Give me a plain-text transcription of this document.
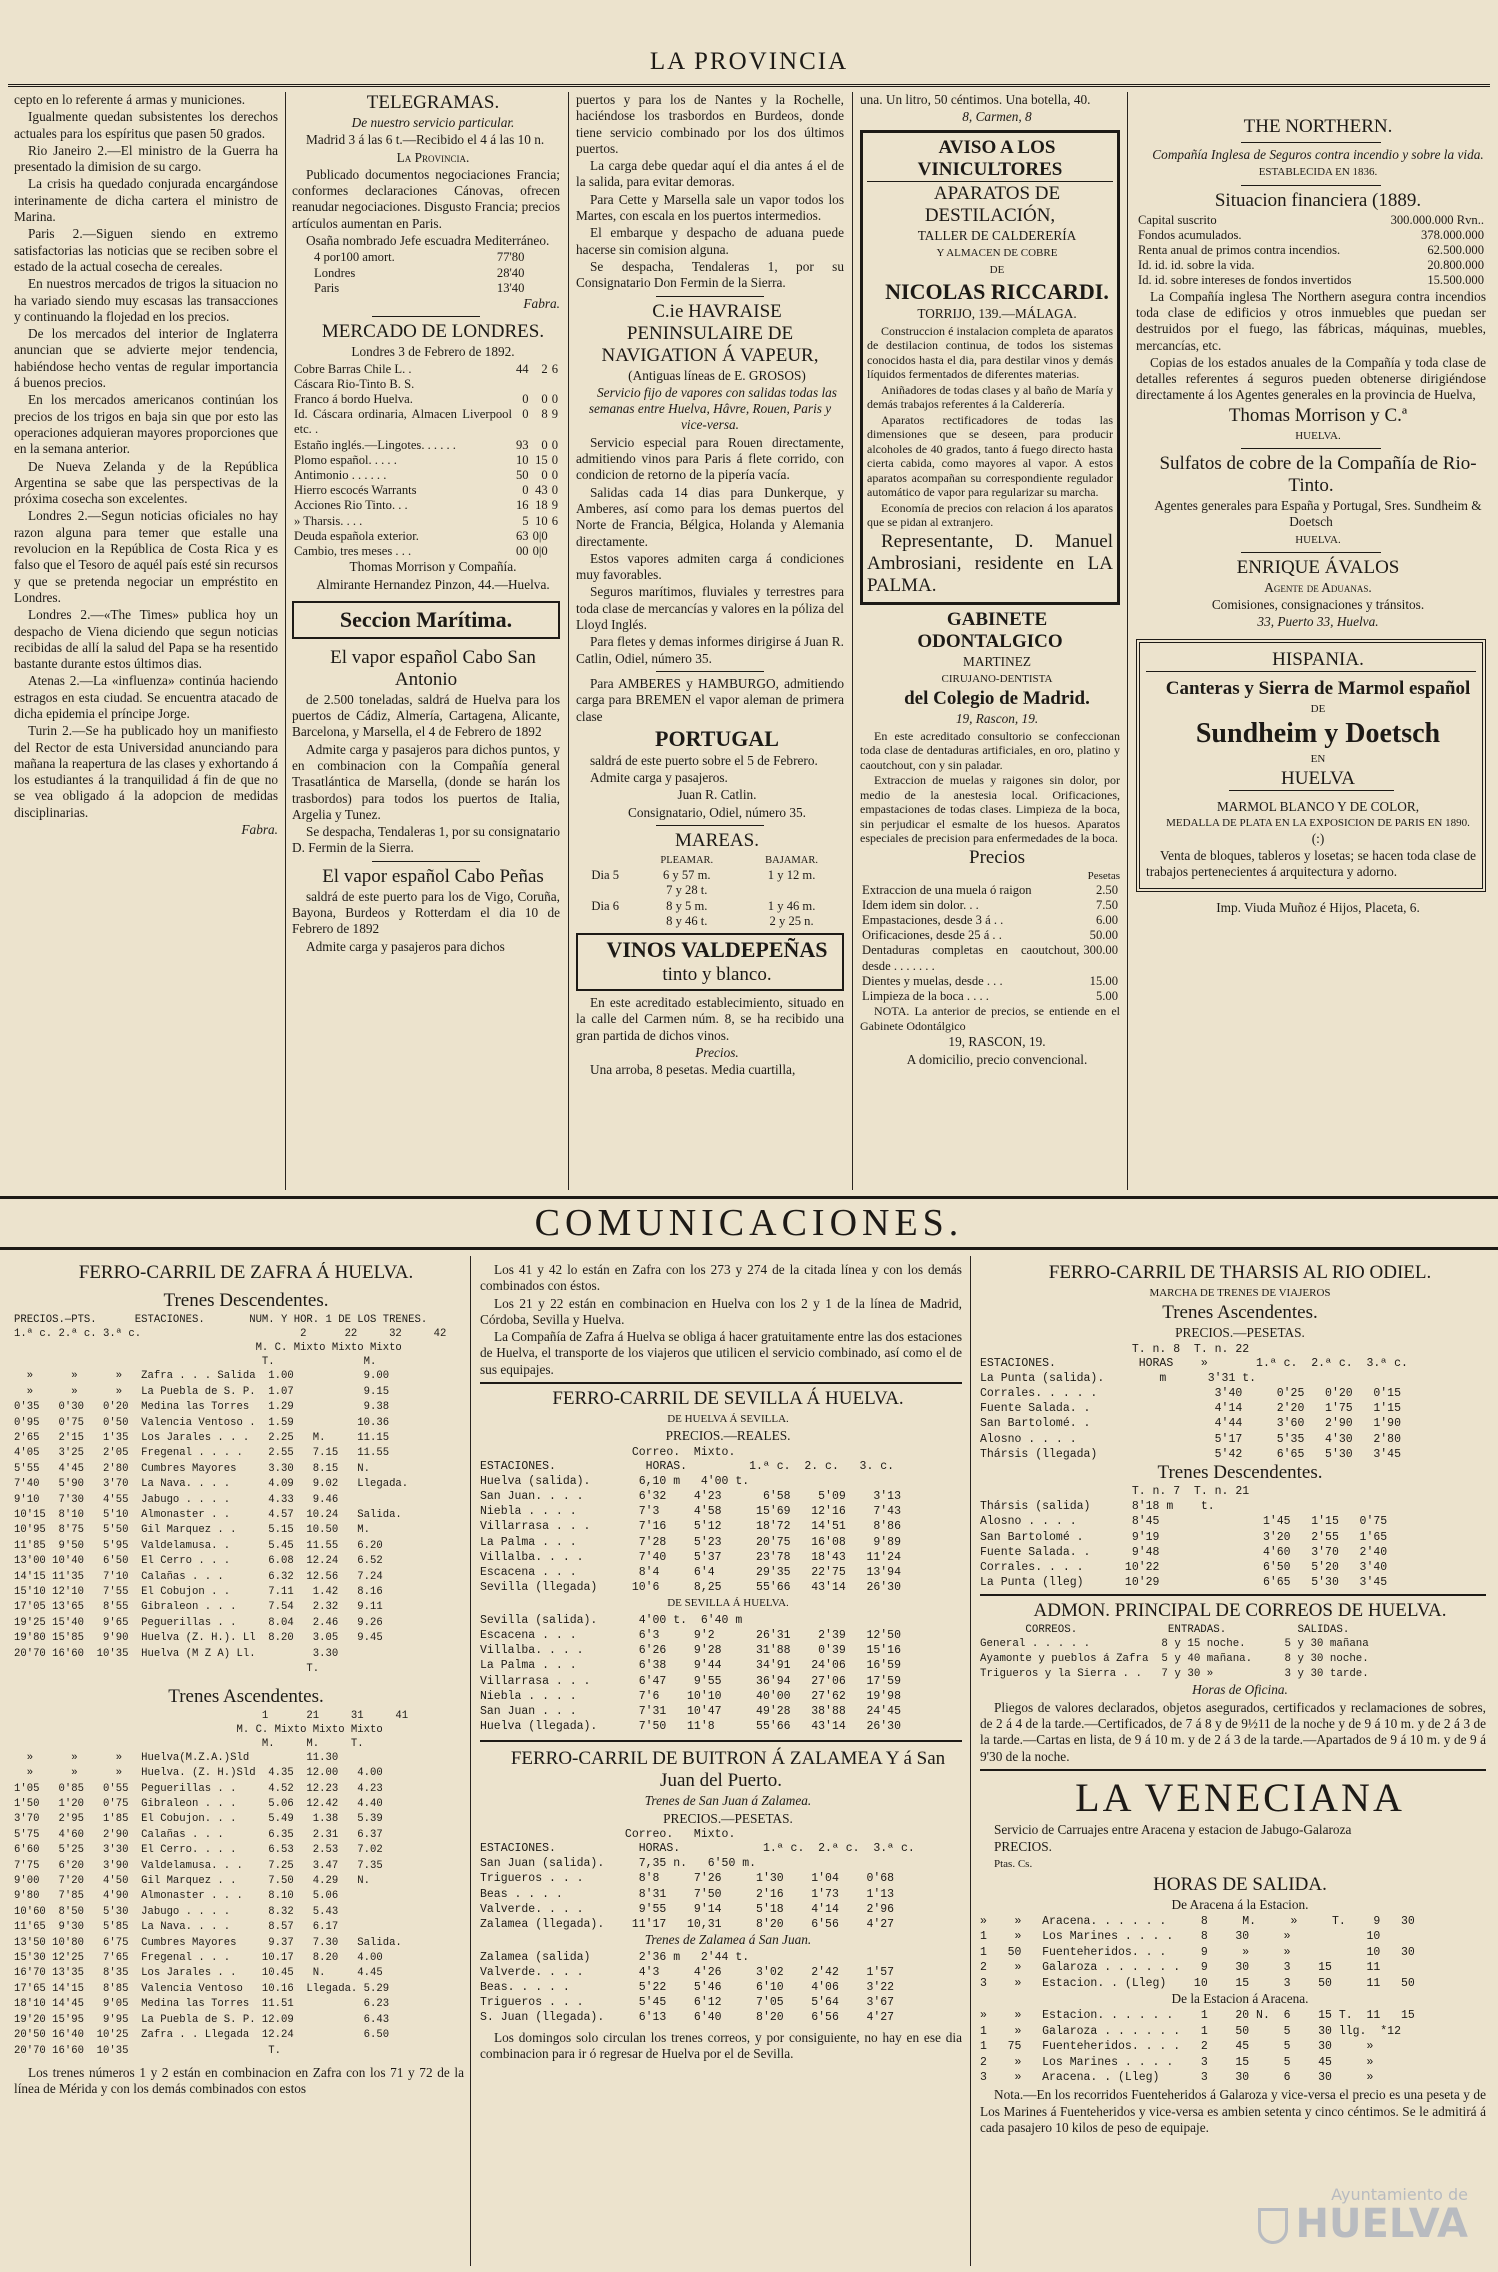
LA PROVINCIA

cepto en lo referente á armas y municiones.

Igualmente quedan subsistentes los derechos actuales para los espíritus que pasen 50 grados.

Rio Janeiro 2.—El ministro de la Guerra ha presentado la dimision de su cargo.

La crisis ha quedado conjurada encargándose interinamente de dicha cartera el ministro de Marina.

Paris 2.—Siguen siendo en extremo satisfactorias las noticias que se reciben sobre el estado de la actual cosecha de cereales.

En nuestros mercados de trigos la situacion no ha variado siendo muy escasas las transacciones y continuando la flojedad en los precios.

De los mercados del interior de Inglaterra anuncian que se advierte mejor tendencia, habiéndose hecho ventas de regular importancia á buenos precios.

En los mercados americanos continúan los precios de los trigos en baja sin que por esto las operaciones adquieran mayores proporciones que en la semana anterior.

De Nueva Zelanda y de la República Argentina se sabe que las perspectivas de la próxima cosecha son excelentes.

Londres 2.—Segun noticias oficiales no hay razon alguna para temer que estalle una revolucion en la República de Costa Rica y es falso que el Tesoro de aquél país esté sin recursos y que se pretenda negociar un empréstito en Londres.

Londres 2.—«The Times» publica hoy un despacho de Viena diciendo que segun noticias recibidas de allí la salud del Papa se ha resentido bastante durante estos últimos dias.

Atenas 2.—La «influenza» continúa haciendo estragos en esta ciudad. Se encuentra atacado de dicha epidemia el príncipe Jorge.

Turin 2.—Se ha publicado hoy un manifiesto del Rector de esta Universidad anunciando para mañana la reapertura de las clases y exhortando á los estudiantes á la tranquilidad á fin de que no se vea obligado á la adopcion de medidas disciplinarias.

Fabra.

TELEGRAMAS.

De nuestro servicio particular.

Madrid 3 á las 6 t.—Recibido el 4 á las 10 n.

La Provincia.

Publicado documentos negociaciones Francia; conformes declaraciones Cánovas, ofrecen reanudar negociaciones. Disgusto Francia; precios artículos aumentan en Paris.

Osaña nombrado Jefe escuadra Mediterráneo.

4 por100 amort.	77'80
Londres	28'40
Paris	13'40

Fabra.

MERCADO DE LONDRES.

Londres 3 de Febrero de 1892.

Cobre Barras Chile L. .	44	2	6
Cáscara Rio-Tinto B. S.			
Franco á bordo Huelva.	0	0	0
Id. Cáscara ordinaria, Almacen Liverpool etc. .	0	8	9
Estaño inglés.—Lingotes. . . . . .	93	0	0
Plomo español. . . . .	10	15	0
Antimonio . . . . . .	50	0	0
Hierro escocés Warrants	0	43	0
Acciones Rio Tinto. . .	16	18	9
» Tharsis. . . .	5	10	6
Deuda española exterior.	63	0|0	
Cambio, tres meses . . .	00	0|0	

Thomas Morrison y Compañía.

Almirante Hernandez Pinzon, 44.—Huelva.

Seccion Marítima.

El vapor español Cabo San Antonio

de 2.500 toneladas, saldrá de Huelva para los puertos de Cádiz, Almería, Cartagena, Alicante, Barcelona, y Marsella, el 4 de Febrero de 1892

Admite carga y pasajeros para dichos puntos, y en combinacion con la Compañía general Trasatlántica de Marsella, (donde se harán los trasbordos) para todos los puertos de Italia, Argelia y Tunez.

Se despacha, Tendaleras 1, por su consignatario D. Fermin de la Sierra.

El vapor español Cabo Peñas

saldrá de este puerto para los de Vigo, Coruña, Bayona, Burdeos y Rotterdam el dia 10 de Febrero de 1892

Admite carga y pasajeros para dichos

puertos y para los de Nantes y la Rochelle, haciéndose los trasbordos en Burdeos, donde tiene servicio combinado por los dos últimos puertos.

La carga debe quedar aquí el dia antes á el de la salida, para evitar demoras.

Para Cette y Marsella sale un vapor todos los Martes, con escala en los puertos intermedios.

El embarque y despacho de aduana puede hacerse sin comision alguna.

Se despacha, Tendaleras 1, por su Consignatario Don Fermin de la Sierra.

C.ie HAVRAISE PENINSULAIRE DE NAVIGATION Á VAPEUR,

(Antiguas líneas de E. GROSOS)

Servicio fijo de vapores con salidas todas las semanas entre Huelva, Hâvre, Rouen, Paris y vice-versa.

Servicio especial para Rouen directamente, admitiendo vinos para Paris á flete corrido, con condicion de retorno de la pipería vacía.

Salidas cada 14 dias para Dunkerque, y Amberes, así como para los demas puertos del Norte de Francia, Bélgica, Holanda y Alemania directamente.

Estos vapores admiten carga á condiciones muy favorables.

Seguros marítimos, fluviales y terrestres para toda clase de mercancías y valores en la póliza del Lloyd Inglés.

Para fletes y demas informes dirigirse á Juan R. Catlin, Odiel, número 35.

Para AMBERES y HAMBURGO, admitiendo carga para BREMEN el vapor aleman de primera clase

PORTUGAL

saldrá de este puerto sobre el 5 de Febrero.

Admite carga y pasajeros.

Juan R. Catlin.

Consignatario, Odiel, número 35.

MAREAS.

	PLEAMAR.	BAJAMAR.
Dia 5	6 y 57 m.	1 y 12 m.
	7 y 28 t.	
Dia 6	8 y 5 m.	1 y 46 m.
	8 y 46 t.	2 y 25 n.

VINOS VALDEPEÑAS

tinto y blanco.

En este acreditado establecimiento, situado en la calle del Carmen núm. 8, se ha recibido una gran partida de dichos vinos.

Precios.

Una arroba, 8 pesetas. Media cuartilla,

una. Un litro, 50 céntimos. Una botella, 40.

8, Carmen, 8

AVISO A LOS VINICULTORES

APARATOS DE DESTILACIÓN,

TALLER DE CALDERERÍA

Y ALMACEN DE COBRE

DE

NICOLAS RICCARDI.

TORRIJO, 139.—MÁLAGA.

Construccion é instalacion completa de aparatos de destilacion continua, de todos los sistemas conocidos hasta el dia, para destilar vinos y demás líquidos fermentados de diferentes materias.

Aniñadores de todas clases y al baño de María y demás trabajos referentes á la Calderería.

Aparatos rectificadores de todas las dimensiones que se deseen, para producir alcoholes de 40 grados, tanto á fuego directo hasta cierta cabida, como mayores al vapor. A estos aparatos acompañan su correspondiente regulador automático de vapor para regularizar su marcha.

Economía de precios con relacion á los aparatos que se pidan al extranjero.

Representante, D. Manuel Ambrosiani, residente en LA PALMA.

GABINETE ODONTALGICO

MARTINEZ

CIRUJANO-DENTISTA

del Colegio de Madrid.

19, Rascon, 19.

En este acreditado consultorio se confeccionan toda clase de dentaduras artificiales, en oro, platino y caoutchout, con y sin paladar.

Extraccion de muelas y raigones sin dolor, por medio de la anestesia local. Orificaciones, empastaciones de todas clases. Limpieza de la boca, sin perjudicar el esmalte de los huesos. Aparatos especiales de precision para enfermedades de la boca.

Precios

Pesetas

Extraccion de una muela ó raigon	2.50
Idem idem sin dolor. . .	7.50
Empastaciones, desde 3 á . .	6.00
Orificaciones, desde 25 á . .	50.00
Dentaduras completas en caoutchout, desde . . . . . . .	300.00
Dientes y muelas, desde . . .	15.00
Limpieza de la boca . . . .	5.00

NOTA. La anterior de precios, se entiende en el Gabinete Odontálgico

19, RASCON, 19.

A domicilio, precio convencional.

THE NORTHERN.

Compañía Inglesa de Seguros contra incendio y sobre la vida.

ESTABLECIDA EN 1836.

Situacion financiera (1889.

Capital suscrito	300.000.000 Rvn..
Fondos acumulados.	378.000.000
Renta anual de primos contra incendios.	62.500.000
Id. id. id. sobre la vida.	20.800.000
Id. id. sobre intereses de fondos invertidos	15.500.000

La Compañía inglesa The Northern asegura contra incendios toda clase de edificios y otros inmuebles que puedan ser destruidos por el fuego, las fábricas, máquinas, muebles, mercancías, etc.

Copias de los estados anuales de la Compañía y toda clase de detalles referentes á seguros pueden obtenerse dirigiéndose directamente á los Agentes generales en la provincia de Huelva,

Thomas Morrison y C.ª

HUELVA.

Sulfatos de cobre de la Compañía de Rio-Tinto.

Agentes generales para España y Portugal, Sres. Sundheim & Doetsch

HUELVA.

ENRIQUE ÁVALOS

Agente de Aduanas.

Comisiones, consignaciones y tránsitos.

33, Puerto 33, Huelva.

HISPANIA.

Canteras y Sierra de Marmol español

DE

Sundheim y Doetsch

EN

HUELVA

MARMOL BLANCO Y DE COLOR,

MEDALLA DE PLATA EN LA EXPOSICION DE PARIS EN 1890.

(:)

Venta de bloques, tableros y losetas; se hacen toda clase de trabajos pertenecientes á arquitectura y adorno.

Imp. Viuda Muñoz é Hijos, Placeta, 6.

COMUNICACIONES.

FERRO-CARRIL DE ZAFRA Á HUELVA.

Trenes Descendentes.

PRECIOS.—PTS.      ESTACIONES.       NUM. Y HOR. 1 DE LOS TRENES.
1.ª c. 2.ª c. 3.ª c.                         2      22     32     42
M. C. Mixto Mixto Mixto
T.              M.
»      »      »   Zafra . . . Salida  1.00           9.00
»      »      »   La Puebla de S. P.  1.07           9.15
0'35   0'30   0'20  Medina las Torres   1.29           9.38
0'95   0'75   0'50  Valencia Ventoso .  1.59          10.36
2'65   2'15   1'35  Los Jarales . . .   2.25   M.     11.15
4'05   3'25   2'05  Fregenal . . . .    2.55   7.15   11.55
5'55   4'45   2'80  Cumbres Mayores     3.30   8.15   N.
7'40   5'90   3'70  La Nava. . . .      4.09   9.02   Llegada.
9'10   7'30   4'55  Jabugo . . . .      4.33   9.46
10'15  8'10   5'10  Almonaster . .      4.57  10.24   Salida.
10'95  8'75   5'50  Gil Marquez . .     5.15  10.50   M.
11'85  9'50   5'95  Valdelamusa. .      5.45  11.55   6.20
13'00 10'40   6'50  El Cerro . . .      6.08  12.24   6.52
14'15 11'35   7'10  Calañas . . .       6.32  12.56   7.24
15'10 12'10   7'55  El Cobujon . .      7.11   1.42   8.16
17'05 13'65   8'55  Gibraleon . . .     7.54   2.32   9.11
19'25 15'40   9'65  Peguerillas . .     8.04   2.46   9.26
19'80 15'85   9'90  Huelva (Z. H.). Ll  8.20   3.05   9.45
20'70 16'60  10'35  Huelva (M Z A) Ll.         3.30
T.

Trenes Ascendentes.

1      21     31     41
M. C. Mixto Mixto Mixto
M.     M.     T.
»      »      »   Huelva(M.Z.A.)Sld         11.30
»      »      »   Huelva. (Z. H.)Sld  4.35  12.00   4.00
1'05   0'85   0'55  Peguerillas . .     4.52  12.23   4.23
1'50   1'20   0'75  Gibraleon . . .     5.06  12.42   4.40
3'70   2'95   1'85  El Cobujon. . .     5.49   1.38   5.39
5'75   4'60   2'90  Calañas . . .       6.35   2.31   6.37
6'60   5'25   3'30  El Cerro. . . .     6.53   2.53   7.02
7'75   6'20   3'90  Valdelamusa. . .    7.25   3.47   7.35
9'00   7'20   4'50  Gil Marquez . .     7.50   4.29   N.
9'80   7'85   4'90  Almonaster . . .    8.10   5.06
10'60  8'50   5'30  Jabugo . . . .      8.32   5.43
11'65  9'30   5'85  La Nava. . . .      8.57   6.17
13'50 10'80   6'75  Cumbres Mayores     9.37   7.30   Salida.
15'30 12'25   7'65  Fregenal . . .     10.17   8.20   4.00
16'70 13'35   8'35  Los Jarales . .    10.45   N.     4.45
17'65 14'15   8'85  Valencia Ventoso   10.16  Llegada. 5.29
18'10 14'45   9'05  Medina las Torres  11.51           6.23
19'20 15'95   9'95  La Puebla de S. P. 12.09           6.43
20'50 16'40  10'25  Zafra . . Llegada  12.24           6.50
20'70 16'60  10'35                      T.

Los trenes números 1 y 2 están en combinacion en Zafra con los 71 y 72 de la línea de Mérida y con los demás combinados con estos

Los 41 y 42 lo están en Zafra con los 273 y 274 de la citada línea y con los demás combinados con éstos.

Los 21 y 22 están en combinacion en Huelva con los 2 y 1 de la línea de Madrid, Córdoba, Sevilla y Huelva.

La Compañía de Zafra á Huelva se obliga á hacer gratuitamente entre las dos estaciones de Huelva, el transporte de los viajeros que utilicen el servicio combinado, así como el de sus equipajes.

FERRO-CARRIL DE SEVILLA Á HUELVA.

DE HUELVA Á SEVILLA.

PRECIOS.—REALES.

Correo.  Mixto.
ESTACIONES.             HORAS.         1.ª c.  2. c.   3. c.
Huelva (salida).       6,10 m   4'00 t.
San Juan. . . .        6'32    4'23      6'58    5'09    3'13
Niebla . . . .         7'3     4'58     15'69   12'16    7'43
Villarrasa . . .       7'16    5'12     18'72   14'51    8'86
La Palma . . .         7'28    5'23     20'75   16'08    9'89
Villalba. . . .        7'40    5'37     23'78   18'43   11'24
Escacena . . .         8'4     6'4      29'35   22'75   13'94
Sevilla (llegada)     10'6     8,25     55'66   43'14   26'30

DE SEVILLA Á HUELVA.

Sevilla (salida).      4'00 t.  6'40 m
Escacena . . .         6'3     9'2      26'31    2'39   12'50
Villalba. . . .        6'26    9'28     31'88    0'39   15'16
La Palma . . .         6'38    9'44     34'91   24'06   16'59
Villarrasa . . .       6'47    9'55     36'94   27'06   17'59
Niebla . . . .         7'6    10'10     40'00   27'62   19'98
San Juan . . .         7'31   10'47     49'28   38'88   24'45
Huelva (llegada).      7'50   11'8      55'66   43'14   26'30

FERRO-CARRIL DE BUITRON Á ZALAMEA Y á San Juan del Puerto.

Trenes de San Juan á Zalamea.

PRECIOS.—PESETAS.

Correo.   Mixto.
ESTACIONES.            HORAS.            1.ª c.  2.ª c.  3.ª c.
San Juan (salida).     7,35 n.   6'50 m.
Trigueros . . .        8'8     7'26     1'30    1'04    0'68
Beas . . . .           8'31    7'50     2'16    1'73    1'13
Valverde. . . .        9'55    9'14     5'18    4'14    2'96
Zalamea (llegada).    11'17   10,31     8'20    6'56    4'27

Trenes de Zalamea á San Juan.

Zalamea (salida)       2'36 m   2'44 t.
Valverde. . . .        4'3     4'26     3'02    2'42    1'57
Beas. . . . .          5'22    5'46     6'10    4'06    3'22
Trigueros . . .        5'45    6'12     7'05    5'64    3'67
S. Juan (llegada).     6'13    6'40     8'20    6'56    4'27

Los domingos solo circulan los trenes correos, y por consiguiente, no hay en ese dia combinacion para ir ó regresar de Huelva por el de Sevilla.

FERRO-CARRIL DE THARSIS AL RIO ODIEL.

MARCHA DE TRENES DE VIAJEROS

Trenes Ascendentes.

PRECIOS.—PESETAS.

T. n. 8  T. n. 22
ESTACIONES.            HORAS    »       1.ª c.  2.ª c.  3.ª c.
La Punta (salida).        m      3'31 t.
Corrales. . . . .                 3'40     0'25   0'20   0'15
Fuente Salada. .                  4'14     2'20   1'75   1'15
San Bartolomé. .                  4'44     3'60   2'90   1'90
Alosno . . . .                    5'17     5'35   4'30   2'80
Thársis (llegada)                 5'42     6'65   5'30   3'45

Trenes Descendentes.

T. n. 7  T. n. 21
Thársis (salida)      8'18 m    t.
Alosno . . . .        8'45               1'45   1'15   0'75
San Bartolomé .       9'19               3'20   2'55   1'65
Fuente Salada. .      9'48               4'60   3'70   2'40
Corrales. . . .      10'22               6'50   5'20   3'40
La Punta (lleg)      10'29               6'65   5'30   3'45

ADMON. PRINCIPAL DE CORREOS DE HUELVA.

CORREOS.              ENTRADAS.           SALIDAS.
General . . . . .           8 y 15 noche.      5 y 30 mañana
Ayamonte y pueblos á Zafra  5 y 40 mañana.     8 y 30 noche.
Trigueros y la Sierra . .   7 y 30 »           3 y 30 tarde.

Horas de Oficina.

Pliegos de valores declarados, objetos asegurados, certificados y reclamaciones de sobres, de 2 á 4 de la tarde.—Certificados, de 7 á 8 y de 9½11 de la noche y de 9 á 10 m. y de 2 á 3 de la tarde.—Cartas en lista, de 9 á 10 m. y de 2 á 3 de la tarde.—Apartados de 9 á 10 m. y de 9 á 9'30 de la noche.

LA VENECIANA

Servicio de Carruajes entre Aracena y estacion de Jabugo-Galaroza

PRECIOS.

Ptas. Cs.

HORAS DE SALIDA.

De Aracena á la Estacion.

»    »   Aracena. . . . . .     8     M.     »     T.    9   30
1    »   Los Marines . . . .    8    30     »           10
1   50   Fuenteheridos. . .     9     »     »           10   30
2    »   Galaroza . . . . . .   9    30     3    15     11
3    »   Estacion. . (Lleg)    10    15     3    50     11   50

De la Estacion á Aracena.

»    »   Estacion. . . . . .    1    20 N.  6    15 T.  11   15
1    »   Galaroza . . . . . .   1    50     5    30 llg.  *12
1   75   Fuenteheridos. . . .   2    45     5    30     »
2    »   Los Marines . . . .    3    15     5    45     »
3    »   Aracena. . (Lleg)      3    30     6    30     »

Nota.—En los recorridos Fuenteheridos á Galaroza y vice-versa el precio es una peseta y de Los Marines á Fuenteheridos y vice-versa es ambien setenta y cinco céntimos. Se le admitirá á cada pasajero 10 kilos de peso de equipaje.

Ayuntamiento de
HUELVA
